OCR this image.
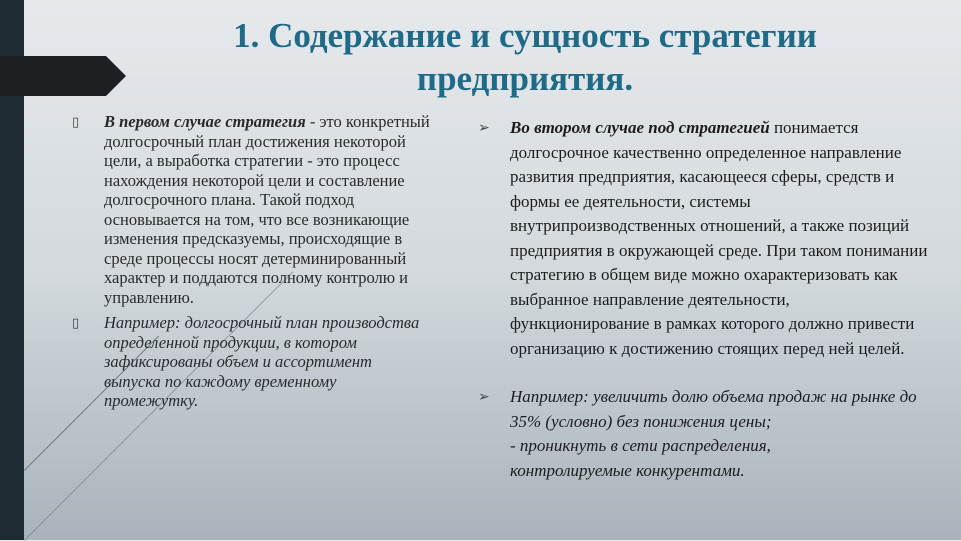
1. Содержание и сущность стратегии предприятия.

▯	В первом случае стратегия - это конкретный долгосрочный план достижения некоторой цели, а выработка стратегии - это процесс нахождения некоторой цели и составление долгосрочного плана. Такой подход основывается на том, что все возникающие изменения предсказуемы, происходящие в среде процессы носят детерминированный характер и поддаются полному контролю и управлению.

▯	Например: долгосрочный план производства определенной продукции, в котором зафиксированы объем и ассортимент выпуска по каждому временному промежутку.

➢	Во втором случае под стратегией понимается долгосрочное качественно определенное направление развития предприятия, касающееся сферы, средств и формы ее деятельности, системы внутрипроизводственных отношений, а также позиций предприятия в окружающей среде. При таком понимании стратегию в общем виде можно охарактеризовать как выбранное направление деятельности, функционирование в рамках которого должно привести организацию к достижению стоящих перед ней целей.

➢	Например: увеличить долю объема продаж на рынке до 35% (условно) без понижения цены;
- проникнуть в сети распределения,
контролируемые конкурентами.
